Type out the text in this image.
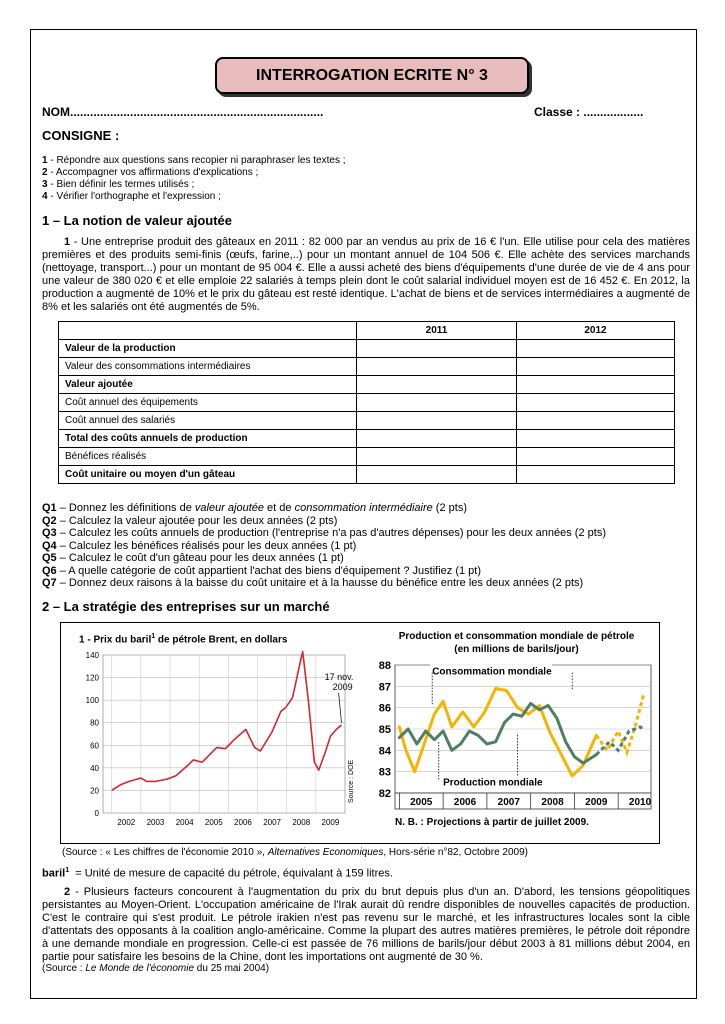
INTERROGATION ECRITE N° 3
NOM............................................................................	Classe : ..................
CONSIGNE :
1 - Répondre aux questions sans recopier ni paraphraser les textes ;
2 - Accompagner vos affirmations d'explications ;
3 - Bien définir les termes utilisés ;
4 - Vérifier l'orthographe et l'expression ;
1 – La notion de valeur ajoutée
1 - Une entreprise produit des gâteaux en 2011 : 82 000 par an vendus au prix de 16 € l'un. Elle utilise pour cela des matières premières et des produits semi-finis (œufs, farine,..) pour un montant annuel de 104 506 €. Elle achète des services marchands (nettoyage, transport...) pour un montant de 95 004 €. Elle a aussi acheté des biens d'équipements d'une durée de vie de 4 ans pour une valeur de 380 020 € et elle emploie 22 salariés à temps plein dont le coût salarial individuel moyen est de 16 452 €. En 2012, la production a augmenté de 10% et le prix du gâteau est resté identique. L'achat de biens et de services intermédiaires a augmenté de 8% et les salariés ont été augmentés de 5%.
	2011	2012
Valeur de la production		
Valeur des consommations intermédiaires		
Valeur ajoutée		
Coût annuel des équipements		
Coût annuel des salariés		
Total des coûts annuels de production		
Bénéfices réalisés		
Coût unitaire ou moyen d'un gâteau		
Q1 – Donnez les définitions de valeur ajoutée et de consommation intermédiaire (2 pts)
Q2 – Calculez la valeur ajoutée pour les deux années (2 pts)
Q3 – Calculez les coûts annuels de production (l'entreprise n'a pas d'autres dépenses) pour les deux années (2 pts)
Q4 – Calculez les bénéfices réalisés pour les deux années (1 pt)
Q5 – Calculez le coût d'un gâteau pour les deux années (1 pt)
Q6 – A quelle catégorie de coût appartient l'achat des biens d'équipement ? Justifiez (1 pt)
Q7 – Donnez deux raisons à la baisse du coût unitaire et à la hausse du bénéfice entre les deux années (2 pts)
2 – La stratégie des entreprises sur un marché
1 - Prix du baril$^1$ de pétrole Brent, en dollars
0
20
40
60
80
100
120
140
2002 2003 2004 2005 2006 2007 2008 2009
17 nov.
2009
Source : DOE
Production et consommation mondiale de pétrole
(en millions de barils/jour)
82
83
84
85
86
87
88
2005 2006 2007 2008 2009 2010
Consommation mondiale
Production mondiale
N. B. : Projections à partir de juillet 2009.
(Source : « Les chiffres de l'économie 2010 », Alternatives Economiques, Hors-série n°82, Octobre 2009)
baril$^1$  = Unité de mesure de capacité du pétrole, équivalant à 159 litres.
2 - Plusieurs facteurs concourent à l'augmentation du prix du brut depuis plus d'un an. D'abord, les tensions géopolitiques persistantes au Moyen-Orient. L'occupation américaine de l'Irak aurait dû rendre disponibles de nouvelles capacités de production. C'est le contraire qui s'est produit. Le pétrole irakien n'est pas revenu sur le marché, et les infrastructures locales sont la cible d'attentats des opposants à la coalition anglo-américaine. Comme la plupart des autres matières premières, le pétrole doit répondre à une demande mondiale en progression. Celle-ci est passée de 76 millions de barils/jour début 2003 à 81 millions début 2004, en partie pour satisfaire les besoins de la Chine, dont les importations ont augmenté de 30 %.
(Source : Le Monde de l'économie du 25 mai 2004)
